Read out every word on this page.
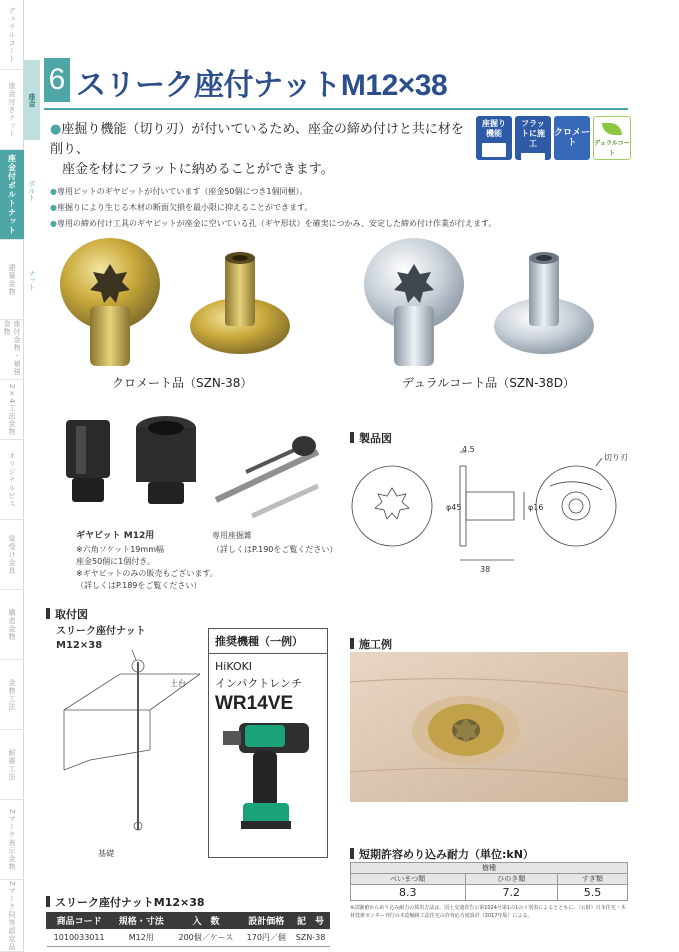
デュラルコート
座金付きナット
座金付ボルトナット
建築金物
座付金物・補強金物
2×4工法金物
オリジナルビス
梁受け金具
構造金物
金物工法
耐震工法
Zマーク表示金物
Zマーク同等認定品
座金
ボルト
ナット
6 スリーク座付ナットM12×38
●座掘り機能（切り刃）が付いているため、座金の締め付けと共に材を削り、
座金を材にフラットに納めることができます。
●専用ビットのギヤビットが付いています（座金50個につき1個同梱）。
●座掘りにより生じる木材の断面欠損を最小限に抑えることができます。
●専用の締め付け工具のギヤビットが座金に空いている孔（ギヤ形状）を確実につかみ、安定した締め付け作業が行えます。
座掘り機能
フラットに施工
クロメート	デュラルコート
クロメート品（SZN-38）	デュラルコート品（SZN-38D）
ギヤビット M12用
※六角ソケット19mm幅
座金50個に1個付き。
※ギヤビットのみの販売もございます。
（詳しくはP.189をご覧ください）
専用座掘錐
（詳しくはP.190をご覧ください）
製品図
4.5
φ45	φ16
38
切り刃
取付図
スリーク座付ナット
M12×38
土台
基礎
推奨機種（一例）
HiKOKI
インパクトレンチ
WR14VE
施工例
短期許容めり込み耐力（単位:kN）
樹種		
べいまつ類	ひのき類	すぎ類
8.3	7.2	5.5
※試験値からめり込み耐力の算出方法は、国土交通省告示第1024号第1の1のイ別表によるとともに、（公財）日本住宅・木材技術センター刊行の木造軸組工法住宅の許容応力度設計（2017年版）による。
スリーク座付ナットM12×38
商品コード	規格・寸法	入　数	設計価格	記　号
1010033011	M12用	200個／ケース	170円／個	SZN-38
